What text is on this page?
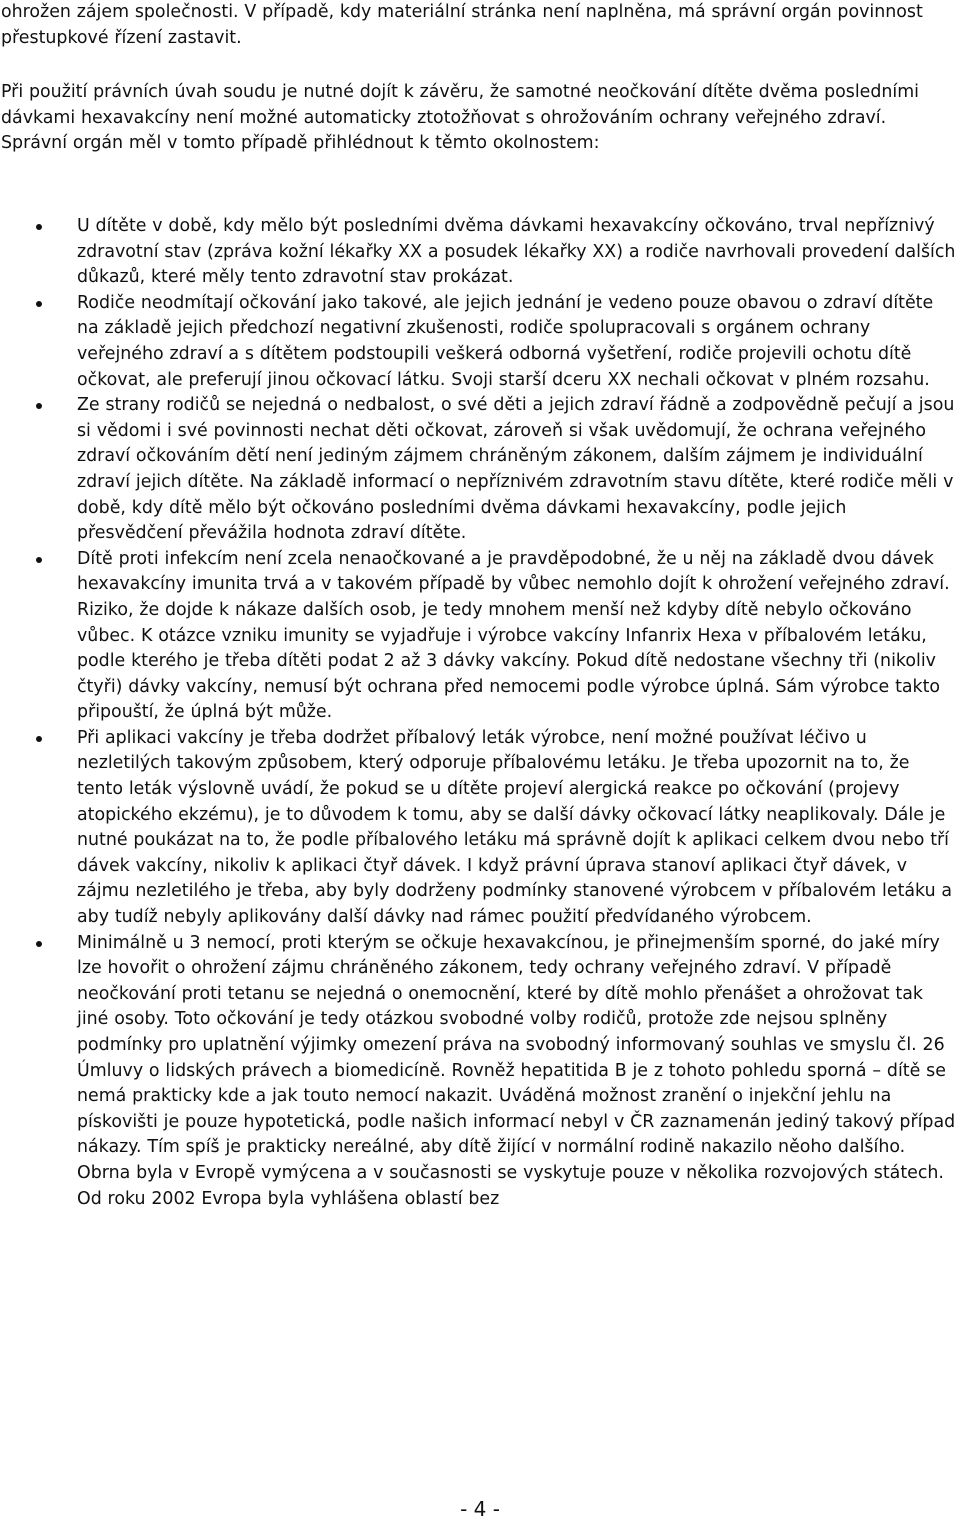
ohrožen zájem společnosti. V případě, kdy materiální stránka není naplněna, má správní orgán povinnost přestupkové řízení zastavit.

Při použití právních úvah soudu je nutné dojít k závěru, že samotné neočkování dítěte dvěma posledními dávkami hexavakcíny není možné automaticky ztotožňovat s ohrožováním ochrany veřejného zdraví. Správní orgán měl v tomto případě přihlédnout k těmto okolnostem:

U dítěte v době, kdy mělo být posledními dvěma dávkami hexavakcíny očkováno, trval nepříznivý zdravotní stav (zpráva kožní lékařky XX a posudek lékařky XX) a rodiče navrhovali provedení dalších důkazů, které měly tento zdravotní stav prokázat.
Rodiče neodmítají očkování jako takové, ale jejich jednání je vedeno pouze obavou o zdraví dítěte na základě jejich předchozí negativní zkušenosti, rodiče spolupracovali s orgánem ochrany veřejného zdraví a s dítětem podstoupili veškerá odborná vyšetření, rodiče projevili ochotu dítě očkovat, ale preferují jinou očkovací látku. Svoji starší dceru XX nechali očkovat v plném rozsahu.
Ze strany rodičů se nejedná o nedbalost, o své děti a jejich zdraví řádně a zodpovědně pečují a jsou si vědomi i své povinnosti nechat děti očkovat, zároveň si však uvědomují, že ochrana veřejného zdraví očkováním dětí není jediným zájmem chráněným zákonem, dalším zájmem je individuální zdraví jejich dítěte. Na základě informací o nepříznivém zdravotním stavu dítěte, které rodiče měli v době, kdy dítě mělo být očkováno posledními dvěma dávkami hexavakcíny, podle jejich přesvědčení převážila hodnota zdraví dítěte.
Dítě proti infekcím není zcela nenaočkované a je pravděpodobné, že u něj na základě dvou dávek hexavakcíny imunita trvá a v takovém případě by vůbec nemohlo dojít k ohrožení veřejného zdraví. Riziko, že dojde k nákaze dalších osob, je tedy mnohem menší než kdyby dítě nebylo očkováno vůbec. K otázce vzniku imunity se vyjadřuje i výrobce vakcíny Infanrix Hexa v příbalovém letáku, podle kterého je třeba dítěti podat 2 až 3 dávky vakcíny. Pokud dítě nedostane všechny tři (nikoliv čtyři) dávky vakcíny, nemusí být ochrana před nemocemi podle výrobce úplná. Sám výrobce takto připouští, že úplná být může.
Při aplikaci vakcíny je třeba dodržet příbalový leták výrobce, není možné používat léčivo u nezletilých takovým způsobem, který odporuje příbalovému letáku. Je třeba upozornit na to, že tento leták výslovně uvádí, že pokud se u dítěte projeví alergická reakce po očkování (projevy atopického ekzému), je to důvodem k tomu, aby se další dávky očkovací látky neaplikovaly. Dále je nutné poukázat na to, že podle příbalového letáku má správně dojít k aplikaci celkem dvou nebo tří dávek vakcíny, nikoliv k aplikaci čtyř dávek. I když právní úprava stanoví aplikaci čtyř dávek, v zájmu nezletilého je třeba, aby byly dodrženy podmínky stanovené výrobcem v příbalovém letáku a aby tudíž nebyly aplikovány další dávky nad rámec použití předvídaného výrobcem.
Minimálně u 3 nemocí, proti kterým se očkuje hexavakcínou, je přinejmenším sporné, do jaké míry lze hovořit o ohrožení zájmu chráněného zákonem, tedy ochrany veřejného zdraví. V případě neočkování proti tetanu se nejedná o onemocnění, které by dítě mohlo přenášet a ohrožovat tak jiné osoby. Toto očkování je tedy otázkou svobodné volby rodičů, protože zde nejsou splněny podmínky pro uplatnění výjimky omezení práva na svobodný informovaný souhlas ve smyslu čl. 26 Úmluvy o lidských právech a biomedicíně. Rovněž hepatitida B je z tohoto pohledu sporná – dítě se nemá prakticky kde a jak touto nemocí nakazit. Uváděná možnost zranění o injekční jehlu na pískovišti je pouze hypotetická, podle našich informací nebyl v ČR zaznamenán jediný takový případ nákazy. Tím spíš je prakticky nereálné, aby dítě žijící v normální rodině nakazilo něoho dalšího. Obrna byla v Evropě vymýcena a v současnosti se vyskytuje pouze v několika rozvojových státech. Od roku 2002 Evropa byla vyhlášena oblastí bez
- 4 -
